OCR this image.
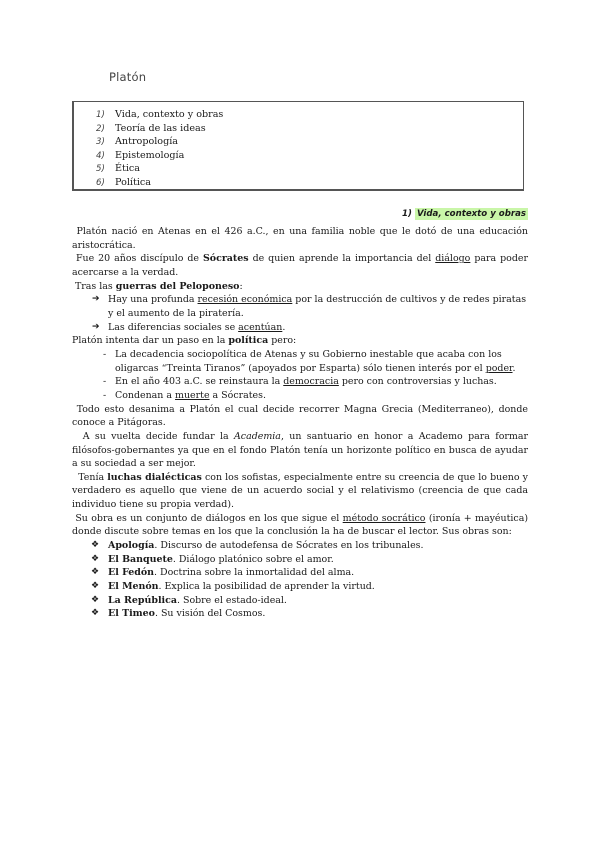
Platón
1) Vida, contexto y obras
2) Teoría de las ideas
3) Antropología
4) Epistemología
5) Ética
6) Política
1) Vida, contexto y obras

Platón nació en Atenas en el 426 a.C., en una familia noble que le dotó de una educación aristocrática.

Fue 20 años discípulo de Sócrates de quien aprende la importancia del diálogo para poder acercarse a la verdad.

Tras las guerras del Peloponeso:

➔ Hay una profunda recesión económica por la destrucción de cultivos y de redes piratas y el aumento de la piratería.
➔ Las diferencias sociales se acentúan.

Platón intenta dar un paso en la política pero:

- La decadencia sociopolítica de Atenas y su Gobierno inestable que acaba con los oligarcas “Treinta Tiranos” (apoyados por Esparta) sólo tienen interés por el poder.
- En el año 403 a.C. se reinstaura la democracia pero con controversias y luchas.
- Condenan a muerte a Sócrates.

Todo esto desanima a Platón el cual decide recorrer Magna Grecia (Mediterraneo), donde conoce a Pitágoras.

A su vuelta decide fundar la Academia, un santuario en honor a Academo para formar filósofos-gobernantes ya que en el fondo Platón tenía un horizonte político en busca de ayudar a su sociedad a ser mejor.

Tenía luchas dialécticas con los sofistas, especialmente entre su creencia de que lo bueno y verdadero es aquello que viene de un acuerdo social y el relativismo (creencia de que cada individuo tiene su propia verdad).

Su obra es un conjunto de diálogos en los que sigue el método socrático (ironía + mayéutica) donde discute sobre temas en los que la conclusión la ha de buscar el lector. Sus obras son:

❖ Apología. Discurso de autodefensa de Sócrates en los tribunales.
❖ El Banquete. Diálogo platónico sobre el amor.
❖ El Fedón. Doctrina sobre la inmortalidad del alma.
❖ El Menón. Explica la posibilidad de aprender la virtud.
❖ La República. Sobre el estado-ideal.
❖ El Timeo. Su visión del Cosmos.
